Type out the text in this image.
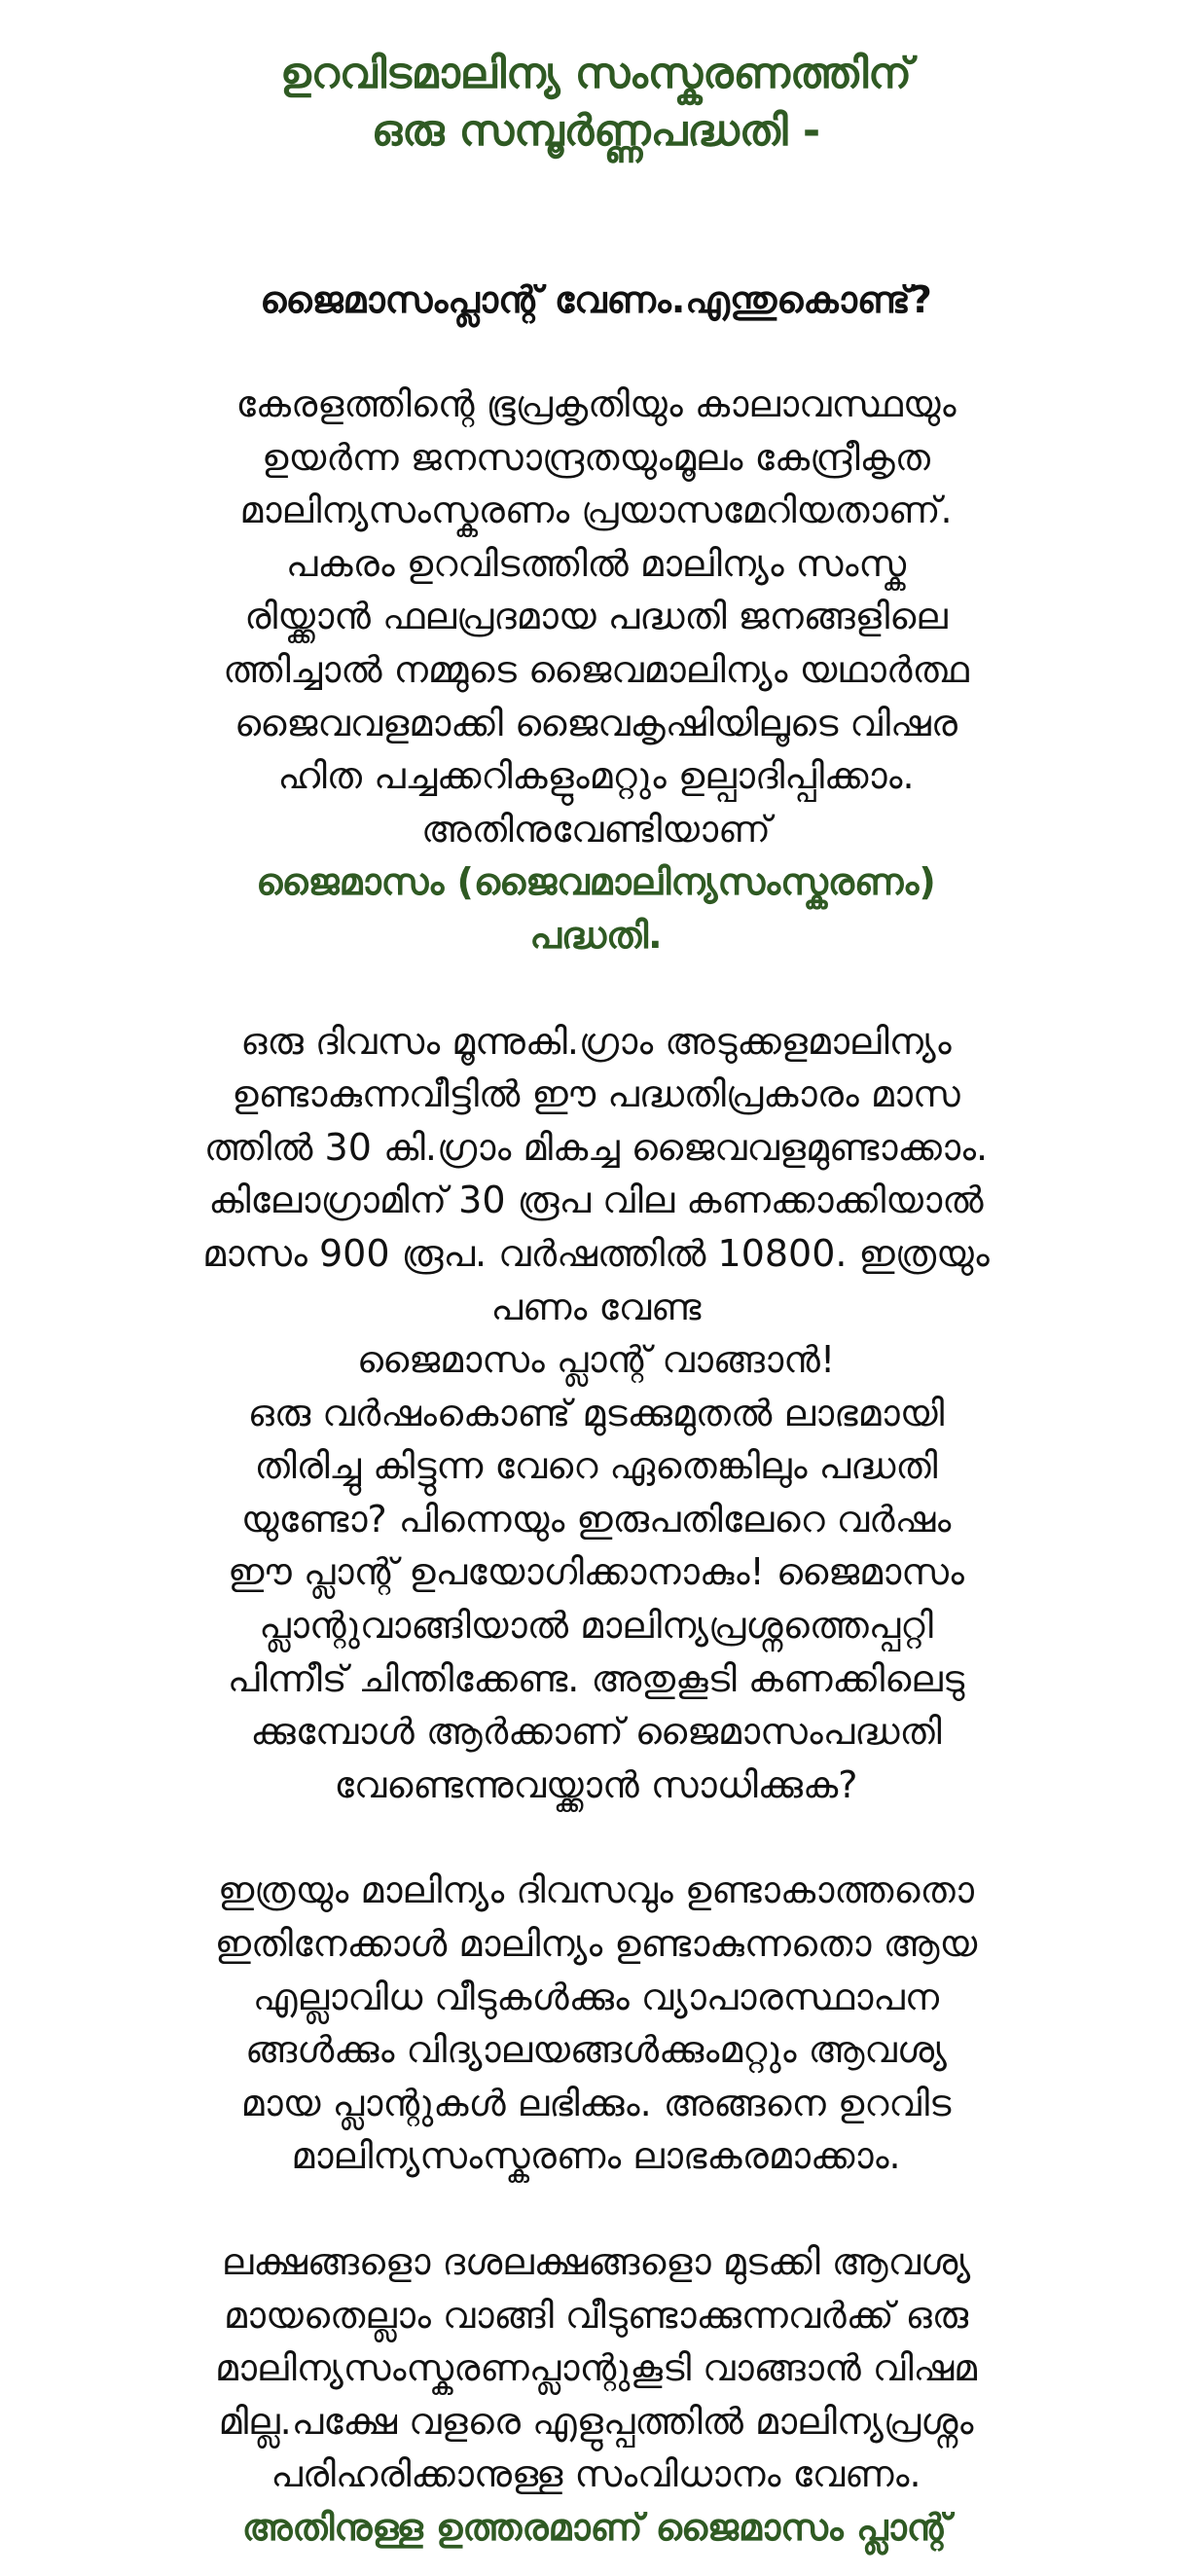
ഉറവിടമാലിന്യ സംസ്കരണത്തിന്
ഒരു സമ്പൂർണ്ണപദ്ധതി -
ജൈമാസംപ്ലാന്റ് വേണം.എന്തുകൊണ്ട്?
കേരളത്തിന്റെ ഭൂപ്രകൃതിയും കാലാവസ്ഥയും
ഉയർന്ന ജനസാന്ദ്രതയുംമൂലം കേന്ദ്രീകൃത
മാലിന്യസംസ്കരണം പ്രയാസമേറിയതാണ്.
പകരം ഉറവിടത്തിൽ മാലിന്യം സംസ്ക
രിയ്ക്കാൻ ഫലപ്രദമായ പദ്ധതി ജനങ്ങളിലെ
ത്തിച്ചാൽ നമ്മുടെ ജൈവമാലിന്യം യഥാർത്ഥ
ജൈവവളമാക്കി ജൈവകൃഷിയിലൂടെ വിഷര
ഹിത പച്ചക്കറികളുംമറ്റും ഉല്പാദിപ്പിക്കാം.
അതിനുവേണ്ടിയാണ്
ജൈമാസം (ജൈവമാലിന്യസംസ്കരണം)
പദ്ധതി.
ഒരു ദിവസം മൂന്നുകി.ഗ്രാം അടുക്കളമാലിന്യം
ഉണ്ടാകുന്നവീട്ടിൽ ഈ പദ്ധതിപ്രകാരം മാസ
ത്തിൽ 30 കി.ഗ്രാം മികച്ച ജൈവവളമുണ്ടാക്കാം.
കിലോഗ്രാമിന് 30 രൂപ വില കണക്കാക്കിയാൽ
മാസം 900 രൂപ. വർഷത്തിൽ 10800. ഇത്രയും
പണം വേണ്ട
ജൈമാസം പ്ലാന്റ് വാങ്ങാൻ!
ഒരു വർഷംകൊണ്ട് മുടക്കുമുതൽ ലാഭമായി
തിരിച്ചു കിട്ടുന്ന വേറെ ഏതെങ്കിലും പദ്ധതി
യുണ്ടോ? പിന്നെയും ഇരുപതിലേറെ വർഷം
ഈ പ്ലാന്റ് ഉപയോഗിക്കാനാകും! ജൈമാസം
പ്ലാന്റുവാങ്ങിയാൽ മാലിന്യപ്രശ്നത്തെപ്പറ്റി
പിന്നീട് ചിന്തിക്കേണ്ട. അതുകൂടി കണക്കിലെടു
ക്കുമ്പോൾ ആർക്കാണ് ജൈമാസംപദ്ധതി
വേണ്ടെന്നുവയ്ക്കാൻ സാധിക്കുക?
ഇത്രയും മാലിന്യം ദിവസവും ഉണ്ടാകാത്തതൊ
ഇതിനേക്കാൾ മാലിന്യം ഉണ്ടാകുന്നതൊ ആയ
എല്ലാവിധ വീടുകൾക്കും വ്യാപാരസ്ഥാപന
ങ്ങൾക്കും വിദ്യാലയങ്ങൾക്കുംമറ്റും ആവശ്യ
മായ പ്ലാന്റുകൾ ലഭിക്കും. അങ്ങനെ ഉറവിട
മാലിന്യസംസ്കരണം ലാഭകരമാക്കാം.
ലക്ഷങ്ങളൊ ദശലക്ഷങ്ങളൊ മുടക്കി ആവശ്യ
മായതെല്ലാം വാങ്ങി വീടുണ്ടാക്കുന്നവർക്ക് ഒരു
മാലിന്യസംസ്കരണപ്ലാന്റുകൂടി വാങ്ങാൻ വിഷമ
മില്ല.പക്ഷേ വളരെ എളുപ്പത്തിൽ മാലിന്യപ്രശ്നം
പരിഹരിക്കാനുള്ള സംവിധാനം വേണം.
അതിനുള്ള ഉത്തരമാണ് ജൈമാസം പ്ലാന്റ്
